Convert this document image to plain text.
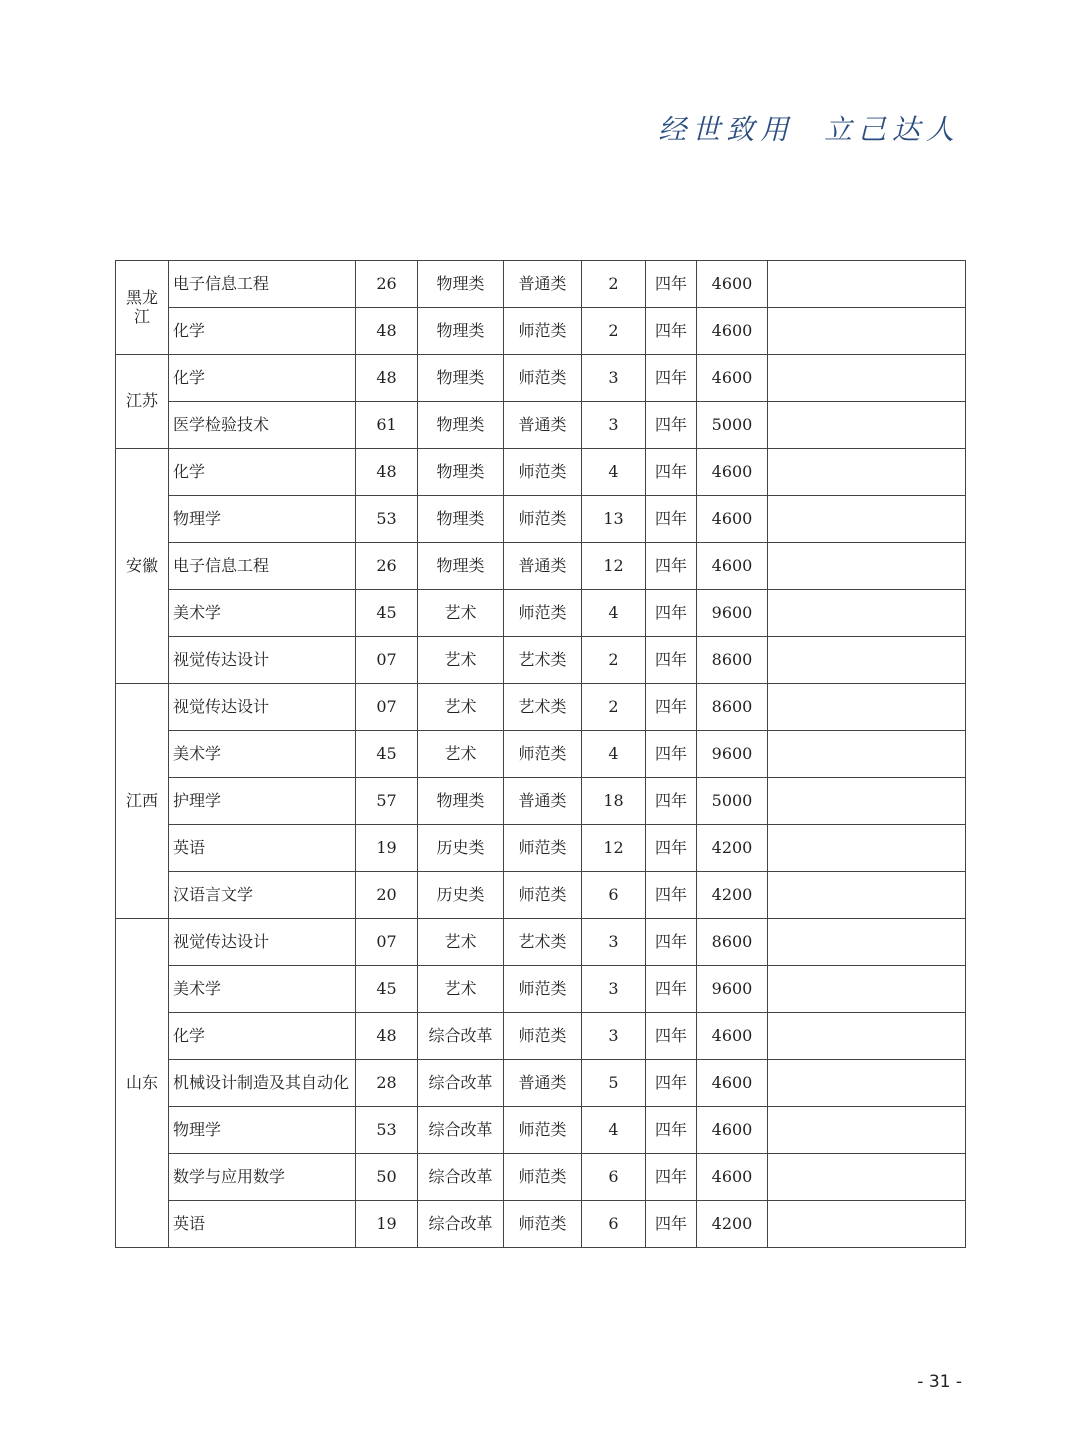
经世致用  立己达人
黑龙江	电子信息工程	26	物理类	普通类	2	四年	4600	
	化学	48	物理类	师范类	2	四年	4600	
江苏	化学	48	物理类	师范类	3	四年	4600	
	医学检验技术	61	物理类	普通类	3	四年	5000	
安徽	化学	48	物理类	师范类	4	四年	4600	
	物理学	53	物理类	师范类	13	四年	4600	
	电子信息工程	26	物理类	普通类	12	四年	4600	
	美术学	45	艺术	师范类	4	四年	9600	
	视觉传达设计	07	艺术	艺术类	2	四年	8600	
江西	视觉传达设计	07	艺术	艺术类	2	四年	8600	
	美术学	45	艺术	师范类	4	四年	9600	
	护理学	57	物理类	普通类	18	四年	5000	
	英语	19	历史类	师范类	12	四年	4200	
	汉语言文学	20	历史类	师范类	6	四年	4200	
山东	视觉传达设计	07	艺术	艺术类	3	四年	8600	
	美术学	45	艺术	师范类	3	四年	9600	
	化学	48	综合改革	师范类	3	四年	4600	
	机械设计制造及其自动化	28	综合改革	普通类	5	四年	4600	
	物理学	53	综合改革	师范类	4	四年	4600	
	数学与应用数学	50	综合改革	师范类	6	四年	4600	
	英语	19	综合改革	师范类	6	四年	4200	
- 31 -
